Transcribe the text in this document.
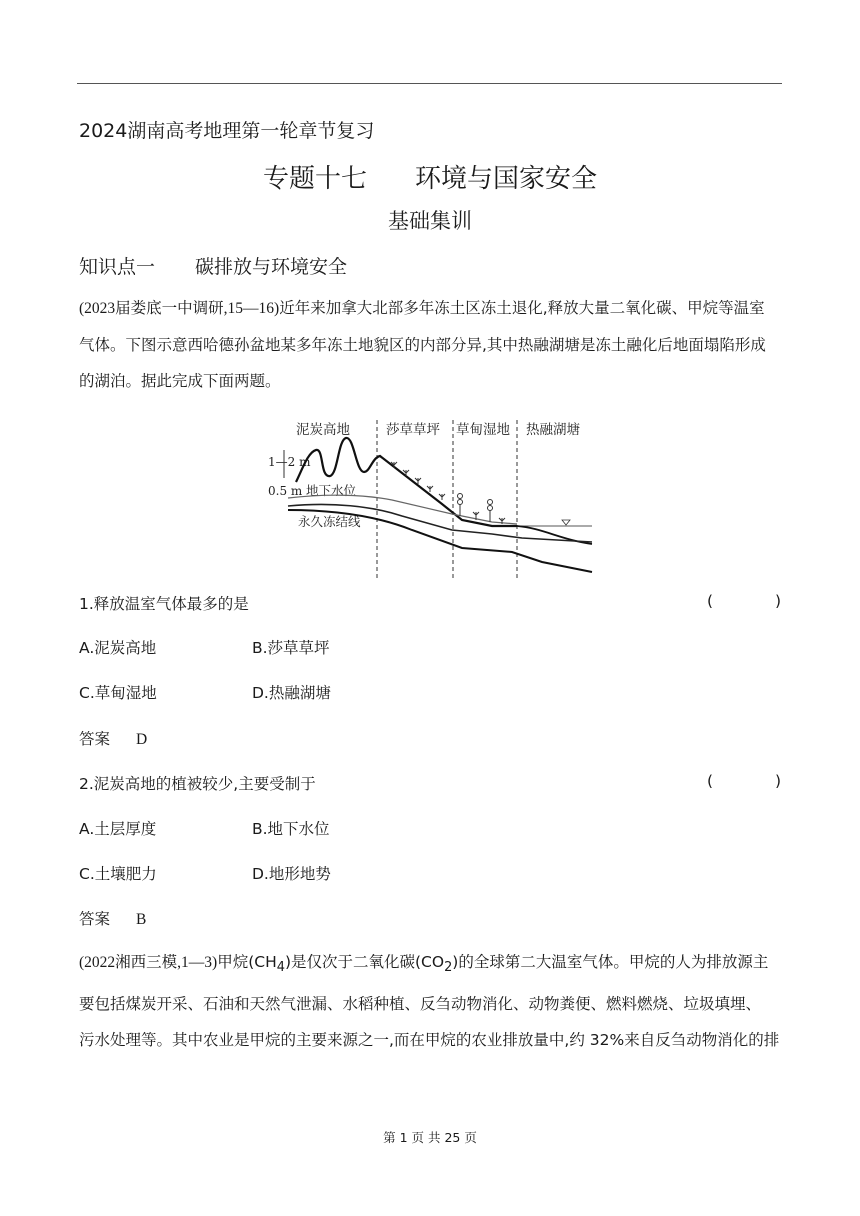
2024湖南高考地理第一轮章节复习
专题十七 环境与国家安全
基础集训
知识点一 碳排放与环境安全
(2023届娄底一中调研,15—16)近年来加拿大北部多年冻土区冻土退化,释放大量二氧化碳、甲烷等温室
气体。下图示意西哈德孙盆地某多年冻土地貌区的内部分异,其中热融湖塘是冻土融化后地面塌陷形成
的湖泊。据此完成下面两题。
泥炭高地	莎草草坪 草甸湿地 热融湖塘
1—2 m
0.5 m 地下水位
永久冻结线
1.释放温室气体最多的是	(	)
A.泥炭高地	B.莎草草坪
C.草甸湿地	D.热融湖塘
答案 D
2.泥炭高地的植被较少,主要受制于	(	)
A.土层厚度	B.地下水位
C.土壤肥力	D.地形地势
答案 B
(2022湘西三模,1—3)甲烷$(CH_4)$是仅次于二氧化碳$(CO_2)$的全球第二大温室气体。甲烷的人为排放源主
要包括煤炭开采、石油和天然气泄漏、水稻种植、反刍动物消化、动物粪便、燃料燃烧、垃圾填埋、
污水处理等。其中农业是甲烷的主要来源之一,而在甲烷的农业排放量中,约 32%来自反刍动物消化的排
第 1 页 共 25 页
